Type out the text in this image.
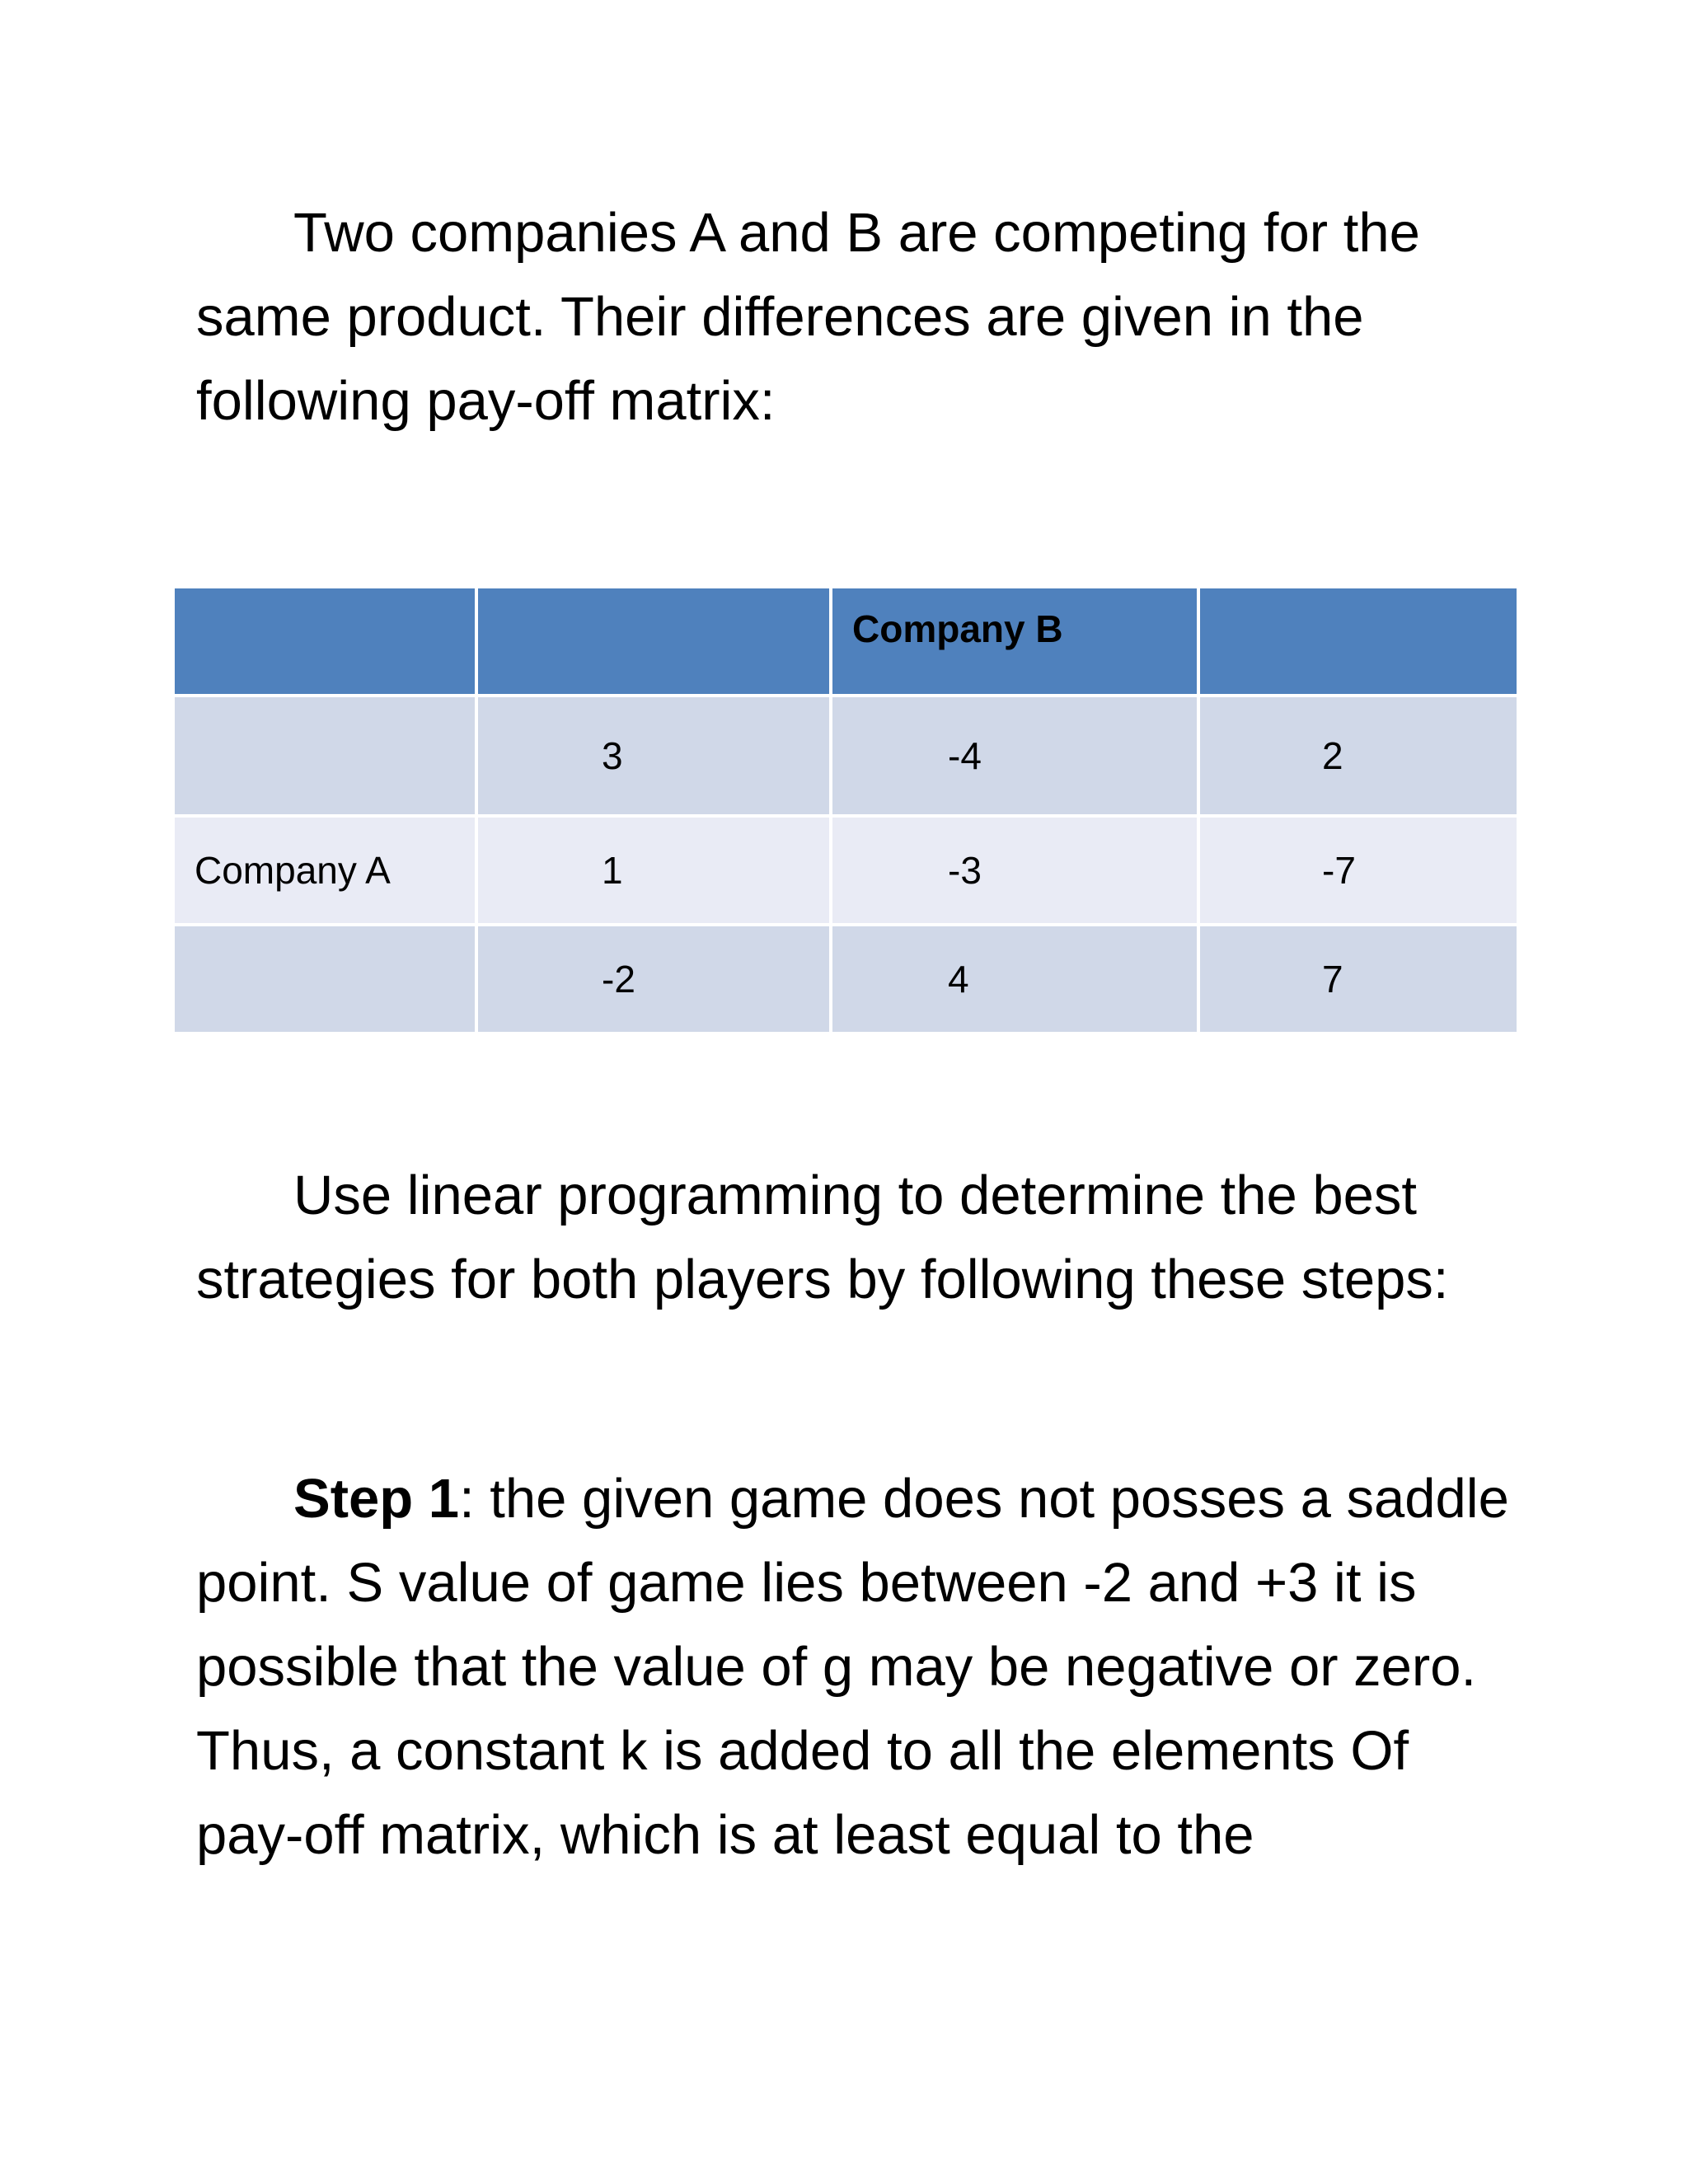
Two companies A and B are competing for the
same product. Their differences are given in the
following pay-off matrix:

		Company B	

	3	-4	2
Company A	1	-3	-7
	-2	4	7

Use linear programming to determine the best
strategies for both players by following these steps:

Step 1: the given game does not posses a saddle
point. S value of game lies between -2 and +3 it is
possible that the value of g may be negative or zero.
Thus, a constant k is added to all the elements Of
pay-off matrix, which is at least equal to the
